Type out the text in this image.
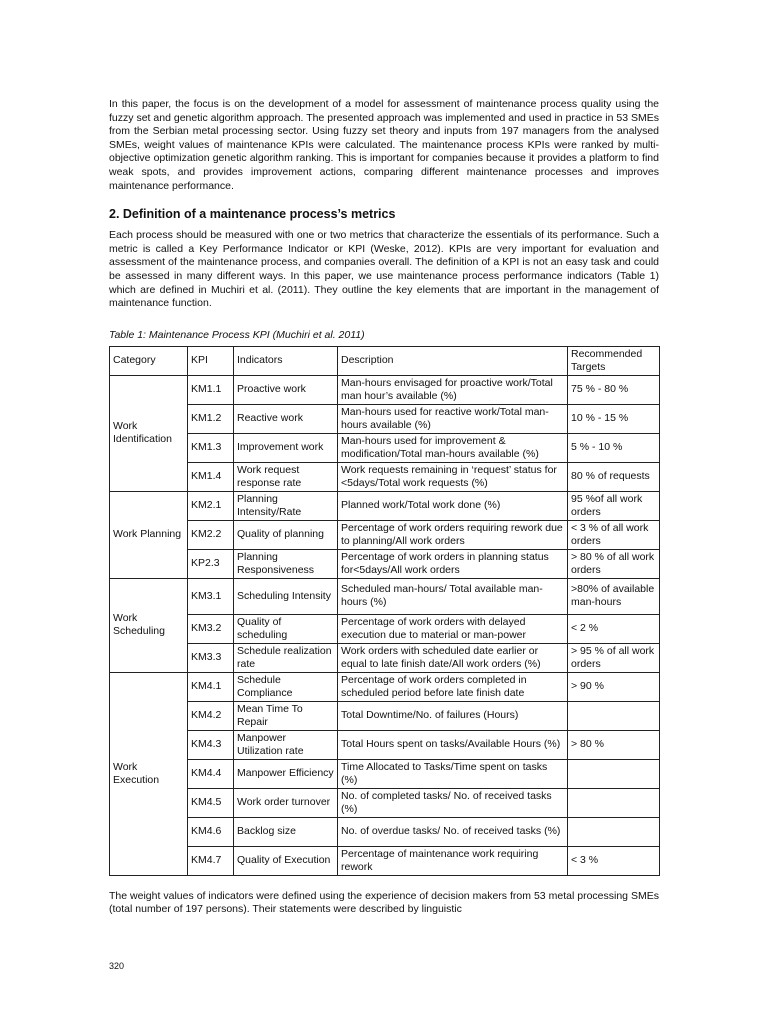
In this paper, the focus is on the development of a model for assessment of maintenance process quality using the fuzzy set and genetic algorithm approach. The presented approach was implemented and used in practice in 53 SMEs from the Serbian metal processing sector. Using fuzzy set theory and inputs from 197 managers from the analysed SMEs, weight values of maintenance KPIs were calculated. The maintenance process KPIs were ranked by multi-objective optimization genetic algorithm ranking. This is important for companies because it provides a platform to find weak spots, and provides improvement actions, comparing different maintenance processes and improves maintenance performance.

2. Definition of a maintenance process’s metrics

Each process should be measured with one or two metrics that characterize the essentials of its performance. Such a metric is called a Key Performance Indicator or KPI (Weske, 2012). KPIs are very important for evaluation and assessment of the maintenance process, and companies overall. The definition of a KPI is not an easy task and could be assessed in many different ways. In this paper, we use maintenance process performance indicators (Table 1) which are defined in Muchiri et al. (2011). They outline the key elements that are important in the management of maintenance function.

Table 1: Maintenance Process KPI (Muchiri et al. 2011)
Category	KPI	Indicators	Description	Recommended Targets
Work Identification	KM1.1	Proactive work	Man-hours envisaged for proactive work/Total man hour’s available (%)	75 % - 80 %
	KM1.2	Reactive work	Man-hours used for reactive work/Total man-hours available (%)	10 % - 15 %
	KM1.3	Improvement work	Man-hours used for improvement & modification/Total man-hours available (%)	5 % - 10 %
	KM1.4	Work request response rate	Work requests remaining in ‘request’ status for <5days/Total work requests (%)	80 % of requests
Work Planning	KM2.1	Planning Intensity/Rate	Planned work/Total work done (%)	95 %of all work orders
	KM2.2	Quality of planning	Percentage of work orders requiring rework due to planning/All work orders	< 3 % of all work orders
	KP2.3	Planning Responsiveness	Percentage of work orders in planning status for<5days/All work orders	> 80 % of all work orders
Work Scheduling	KM3.1	Scheduling Intensity	Scheduled man-hours/ Total available man-hours (%)	>80% of available man-hours
	KM3.2	Quality of scheduling	Percentage of work orders with delayed execution due to material or man-power	< 2 %
	KM3.3	Schedule realization rate	Work orders with scheduled date earlier or equal to late finish date/All work orders (%)	> 95 % of all work orders
Work Execution	KM4.1	Schedule Compliance	Percentage of work orders completed in scheduled period before late finish date	> 90 %
	KM4.2	Mean Time To Repair	Total Downtime/No. of failures (Hours)	
	KM4.3	Manpower Utilization rate	Total Hours spent on tasks/Available Hours (%)	> 80 %
	KM4.4	Manpower Efficiency	Time Allocated to Tasks/Time spent on tasks (%)	
	KM4.5	Work order turnover	No. of completed tasks/ No. of received tasks (%)	
	KM4.6	Backlog size	No. of overdue tasks/ No. of received tasks (%)	
	KM4.7	Quality of Execution	Percentage of maintenance work requiring rework	< 3 %

The weight values of indicators were defined using the experience of decision makers from 53 metal processing SMEs (total number of 197 persons). Their statements were described by linguistic

320
